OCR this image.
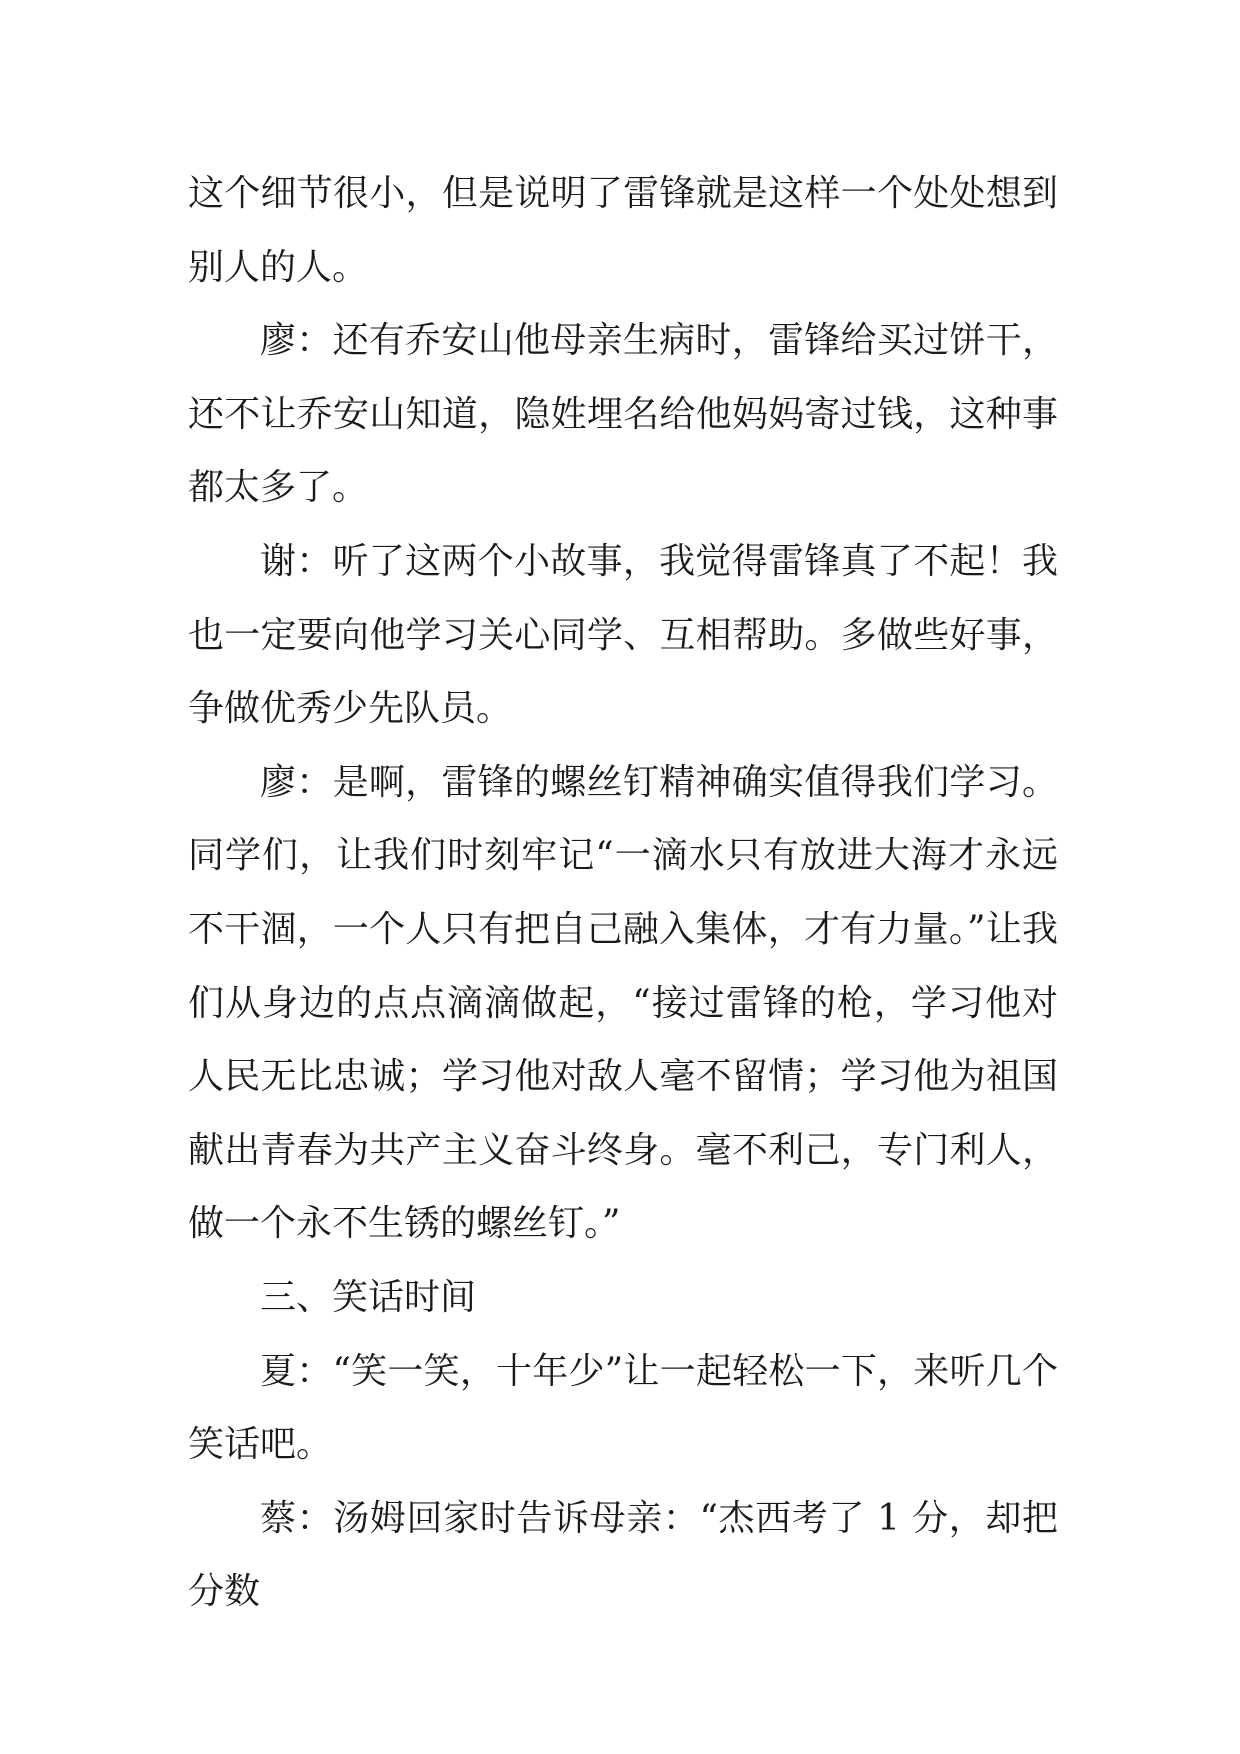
这个细节很小，但是说明了雷锋就是这样一个处处想到别人的人。

廖：还有乔安山他母亲生病时，雷锋给买过饼干，还不让乔安山知道，隐姓埋名给他妈妈寄过钱，这种事都太多了。

谢：听了这两个小故事，我觉得雷锋真了不起！我也一定要向他学习关心同学、互相帮助。多做些好事，争做优秀少先队员。

廖：是啊，雷锋的螺丝钉精神确实值得我们学习。同学们，让我们时刻牢记“一滴水只有放进大海才永远不干涸，一个人只有把自己融入集体，才有力量。”让我们从身边的点点滴滴做起，“接过雷锋的枪，学习他对人民无比忠诚；学习他对敌人毫不留情；学习他为祖国献出青春为共产主义奋斗终身。毫不利己，专门利人，做一个永不生锈的螺丝钉。”

三、笑话时间

夏：“笑一笑，十年少”让一起轻松一下，来听几个笑话吧。

蔡：汤姆回家时告诉母亲：“杰西考了 1 分，却把分数
